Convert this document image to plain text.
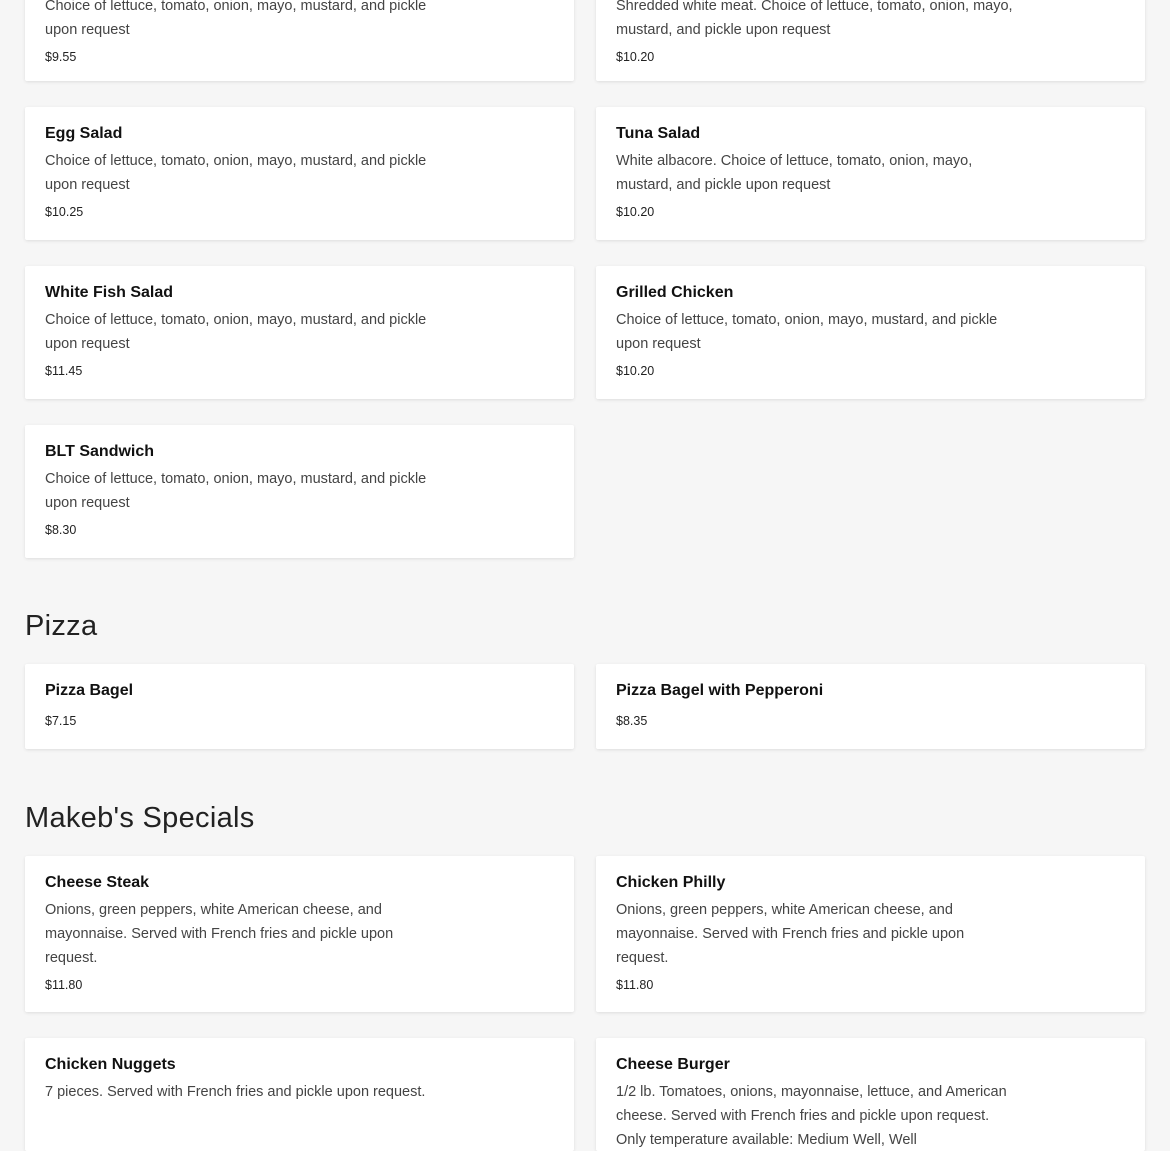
Choice of lettuce, tomato, onion, mayo, mustard, and pickle upon request

$9.55

Shredded white meat. Choice of lettuce, tomato, onion, mayo, mustard, and pickle upon request

$10.20
Egg Salad

Choice of lettuce, tomato, onion, mayo, mustard, and pickle upon request

$10.25
Tuna Salad

White albacore. Choice of lettuce, tomato, onion, mayo, mustard, and pickle upon request

$10.20
White Fish Salad

Choice of lettuce, tomato, onion, mayo, mustard, and pickle upon request

$11.45
Grilled Chicken

Choice of lettuce, tomato, onion, mayo, mustard, and pickle upon request

$10.20
BLT Sandwich

Choice of lettuce, tomato, onion, mayo, mustard, and pickle upon request

$8.30
Pizza
Pizza Bagel
$7.15
Pizza Bagel with Pepperoni
$8.35
Makeb's Specials
Cheese Steak

Onions, green peppers, white American cheese, and mayonnaise. Served with French fries and pickle upon request.

$11.80
Chicken Philly

Onions, green peppers, white American cheese, and mayonnaise. Served with French fries and pickle upon request.

$11.80
Chicken Nuggets

7 pieces. Served with French fries and pickle upon request.

Cheese Burger

1/2 lb. Tomatoes, onions, mayonnaise, lettuce, and American cheese. Served with French fries and pickle upon request. Only temperature available: Medium Well, Well
